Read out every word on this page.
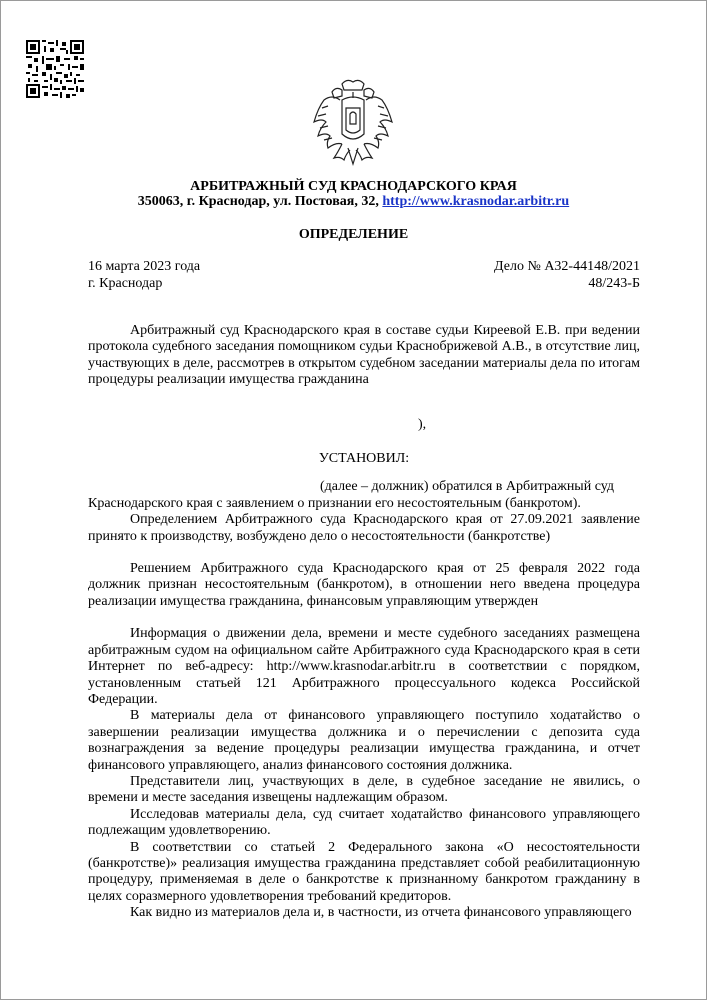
АРБИТРАЖНЫЙ СУД КРАСНОДАРСКОГО КРАЯ
350063, г. Краснодар, ул. Постовая, 32, http://www.krasnodar.arbitr.ru
ОПРЕДЕЛЕНИЕ
16 марта 2023 года
г. Краснодар
Дело № А32-44148/2021
48/243-Б

Арбитражный суд Краснодарского края в составе судьи Киреевой Е.В. при ведении протокола судебного заседания помощником судьи Краснобрижевой А.В., в отсутствие лиц, участвующих в деле, рассмотрев в открытом судебном заседании материалы дела по итогам процедуры реализации имущества гражданина

),

УСТАНОВИЛ:

(далее – должник) обратился в Арбитражный суд

Краснодарского края с заявлением о признании его несостоятельным (банкротом).

Определением Арбитражного суда Краснодарского края от 27.09.2021 заявление принято к производству, возбуждено дело о несостоятельности (банкротстве)

Решением Арбитражного суда Краснодарского края от 25 февраля 2022 года должник признан несостоятельным (банкротом), в отношении него введена процедура реализации имущества гражданина, финансовым управляющим утвержден

Информация о движении дела, времени и месте судебного заседаниях размещена арбитражным судом на официальном сайте Арбитражного суда Краснодарского края в сети Интернет по веб-адресу: http://www.krasnodar.arbitr.ru в соответствии с порядком, установленным статьей 121 Арбитражного процессуального кодекса Российской Федерации.

В материалы дела от финансового управляющего поступило ходатайство о завершении реализации имущества должника и о перечислении с депозита суда вознаграждения за ведение процедуры реализации имущества гражданина, и отчет финансового управляющего, анализ финансового состояния должника.

Представители лиц, участвующих в деле, в судебное заседание не явились, о времени и месте заседания извещены надлежащим образом.

Исследовав материалы дела, суд считает ходатайство финансового управляющего подлежащим удовлетворению.

В соответствии со статьей 2 Федерального закона «О несостоятельности (банкротстве)» реализация имущества гражданина представляет собой реабилитационную процедуру, применяемая в деле о банкротстве к признанному банкротом гражданину в целях соразмерного удовлетворения требований кредиторов.

Как видно из материалов дела и, в частности, из отчета финансового управляющего
